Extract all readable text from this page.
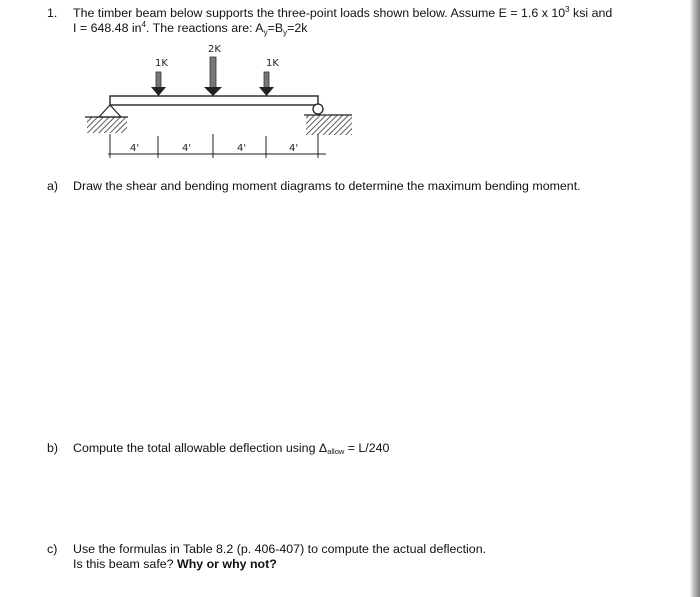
1. The timber beam below supports the three-point loads shown below. Assume E = 1.6 x $10^3$ ksi and
I = 648.48 $in^4$. The reactions are: $A_y=B_y=2k$
1K
2K
1K
4'	4'	4'	4'
a) Draw the shear and bending moment diagrams to determine the maximum bending moment.
b) Compute the total allowable deflection using Δallow = L/240
c) Use the formulas in Table 8.2 (p. 406-407) to compute the actual deflection.
Is this beam safe? Why or why not?
